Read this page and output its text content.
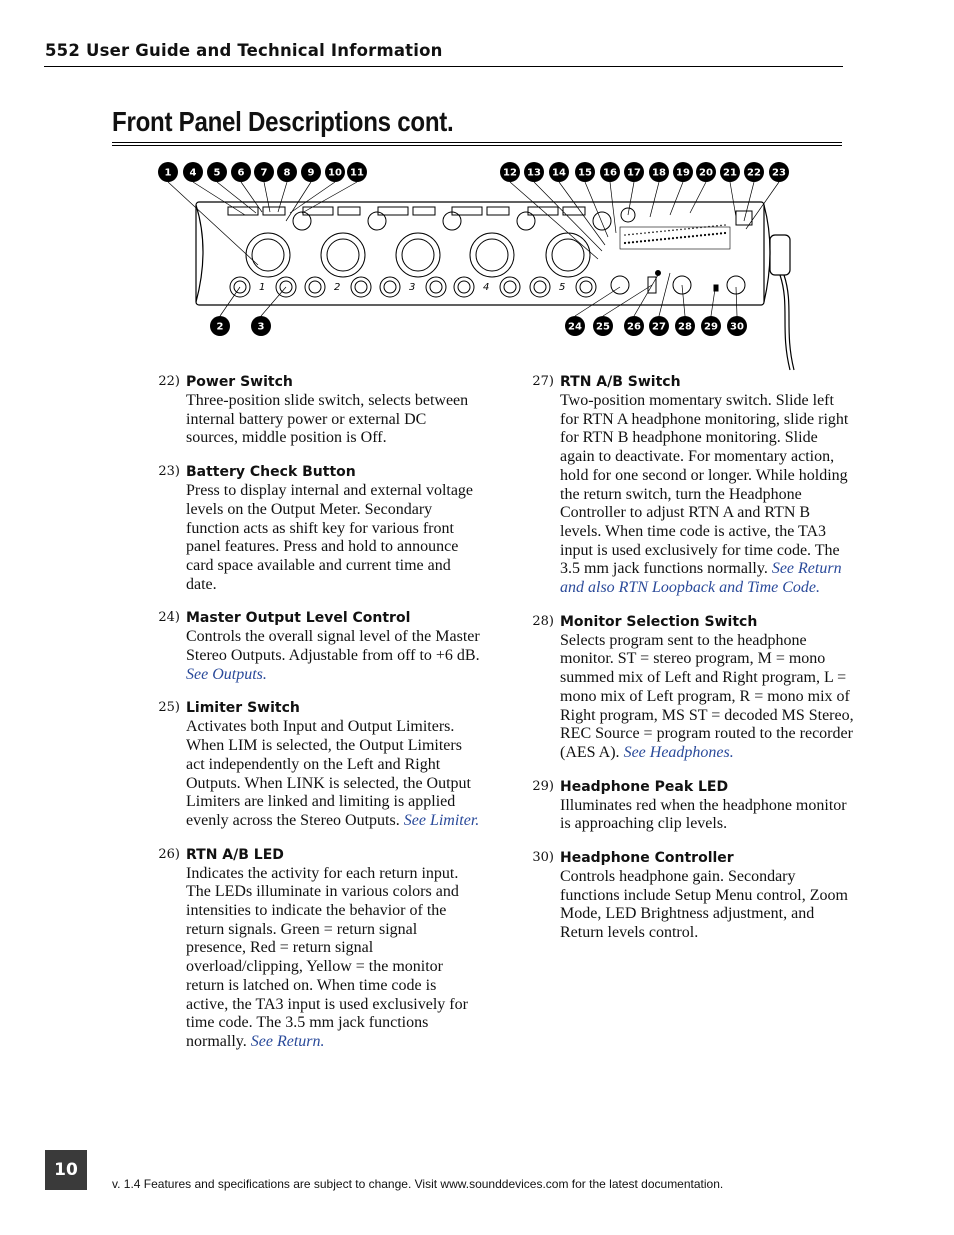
552 User Guide and Technical Information
Front Panel Descriptions cont.
1 4 5 6 7 8 9 10 11	12 13 14 15 16 17 18 19 20 21 22 23
2	3	24 25 26 27 28 29 30
1	2	3	4	5
22) Power Switch
Three-position slide switch, selects between internal battery power or external DC sources, middle position is Off.
23) Battery Check Button
Press to display internal and external voltage levels on the Output Meter. Secondary function acts as shift key for various front panel features. Press and hold to announce card space available and current time and date.
24) Master Output Level Control
Controls the overall signal level of the Master Stereo Outputs. Adjustable from off to +6 dB. See Outputs.
25) Limiter Switch
Activates both Input and Output Limiters. When LIM is selected, the Output Limiters act independently on the Left and Right Outputs. When LINK is selected, the Output Limiters are linked and limiting is applied evenly across the Stereo Outputs. See Limiter.
26) RTN A/B LED
Indicates the activity for each return input. The LEDs illuminate in various colors and intensities to indicate the behavior of the return signals. Green = return signal presence, Red = return signal overload/clipping, Yellow = the monitor return is latched on. When time code is active, the TA3 input is used exclusively for time code. The 3.5 mm jack functions normally. See Return.
27) RTN A/B Switch
Two-position momentary switch. Slide left for RTN A headphone monitoring, slide right for RTN B headphone monitoring. Slide again to deactivate. For momentary action, hold for one second or longer. While holding the return switch, turn the Headphone Controller to adjust RTN A and RTN B levels. When time code is active, the TA3 input is used exclusively for time code. The 3.5 mm jack functions normally. See Return and also RTN Loopback and Time Code.
28) Monitor Selection Switch
Selects program sent to the headphone monitor. ST = stereo program, M = mono summed mix of Left and Right program, L = mono mix of Left program, R = mono mix of Right program, MS ST = decoded MS Stereo, REC Source = program routed to the recorder (AES A). See Headphones.
29) Headphone Peak LED
Illuminates red when the headphone monitor is approaching clip levels.
30) Headphone Controller
Controls headphone gain. Secondary functions include Setup Menu control, Zoom Mode, LED Brightness adjustment, and Return levels control.
10
v. 1.4 Features and specifications are subject to change. Visit www.sounddevices.com for the latest documentation.
